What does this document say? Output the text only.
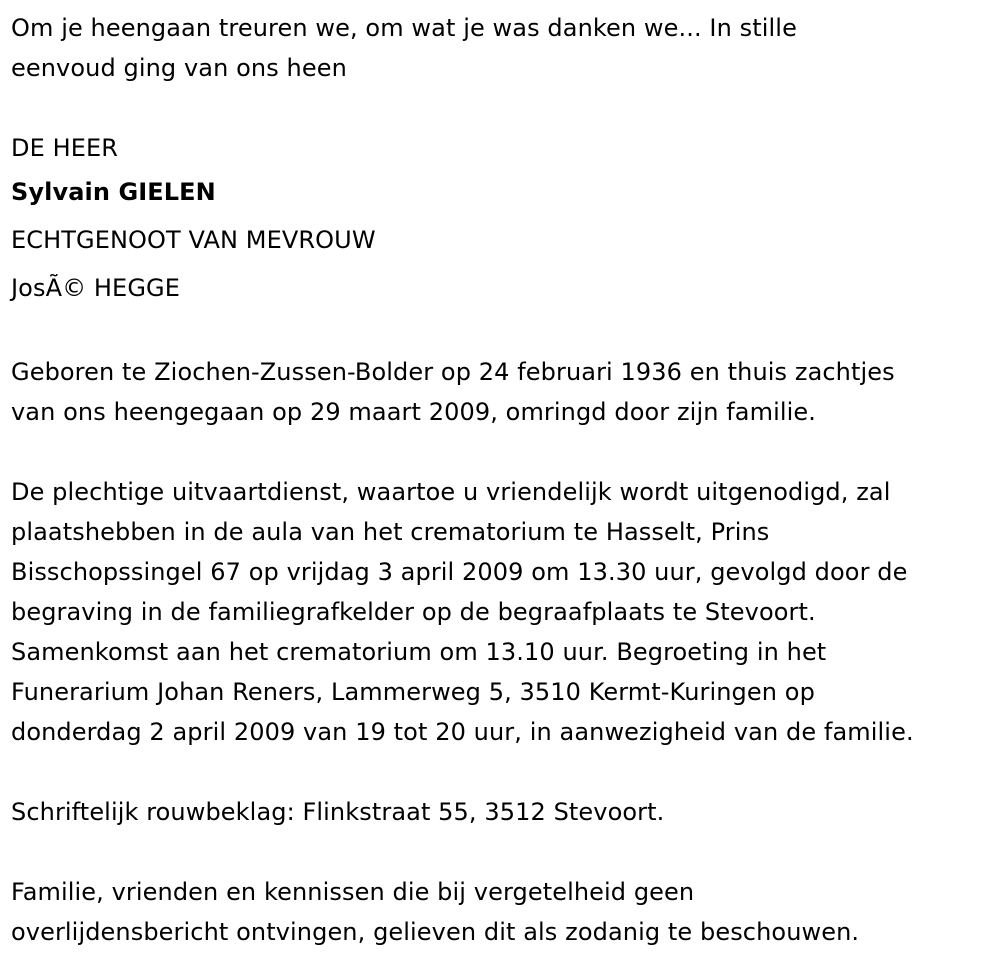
Om je heengaan treuren we, om wat je was danken we... In stille
eenvoud ging van ons heen
DE HEER
Sylvain GIELEN
ECHTGENOOT VAN MEVROUW
JosÃ© HEGGE
Geboren te Ziochen-Zussen-Bolder op 24 februari 1936 en thuis zachtjes
van ons heengegaan op 29 maart 2009, omringd door zijn familie.
De plechtige uitvaartdienst, waartoe u vriendelijk wordt uitgenodigd, zal
plaatshebben in de aula van het crematorium te Hasselt, Prins
Bisschopssingel 67 op vrijdag 3 april 2009 om 13.30 uur, gevolgd door de
begraving in de familiegrafkelder op de begraafplaats te Stevoort.
Samenkomst aan het crematorium om 13.10 uur. Begroeting in het
Funerarium Johan Reners, Lammerweg 5, 3510 Kermt-Kuringen op
donderdag 2 april 2009 van 19 tot 20 uur, in aanwezigheid van de familie.
Schriftelijk rouwbeklag: Flinkstraat 55, 3512 Stevoort.
Familie, vrienden en kennissen die bij vergetelheid geen
overlijdensbericht ontvingen, gelieven dit als zodanig te beschouwen.
